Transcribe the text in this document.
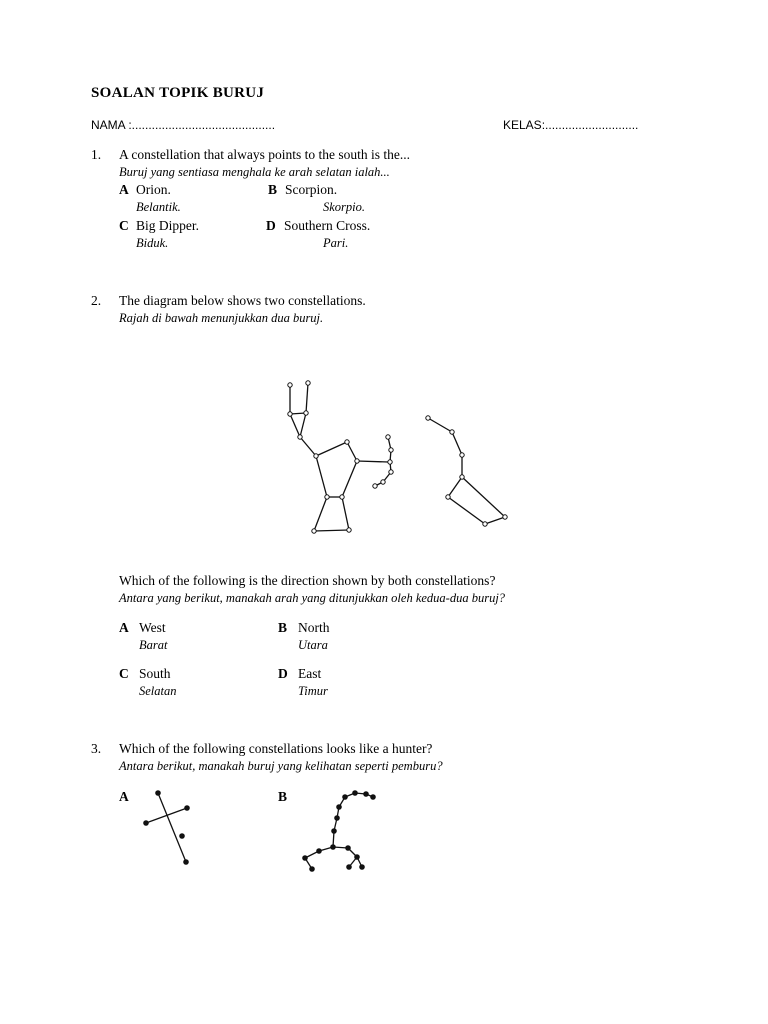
SOALAN TOPIK BURUJ
NAMA :...........................................	KELAS:............................
1. A constellation that always points to the south is the...
Buruj yang sentiasa menghala ke arah selatan ialah...
A Orion.
Belantik.
B Scorpion.
Skorpio.
C Big Dipper.
Biduk.
D Southern Cross.
Pari.
2. The diagram below shows two constellations.
Rajah di bawah menunjukkan dua buruj.
Which of the following is the direction shown by both constellations?
Antara yang berikut, manakah arah yang ditunjukkan oleh kedua-dua buruj?
A West
Barat
B North
Utara
C South
Selatan
D East
Timur
3. Which of the following constellations looks like a hunter?
Antara berikut, manakah buruj yang kelihatan seperti pemburu?
A	B
